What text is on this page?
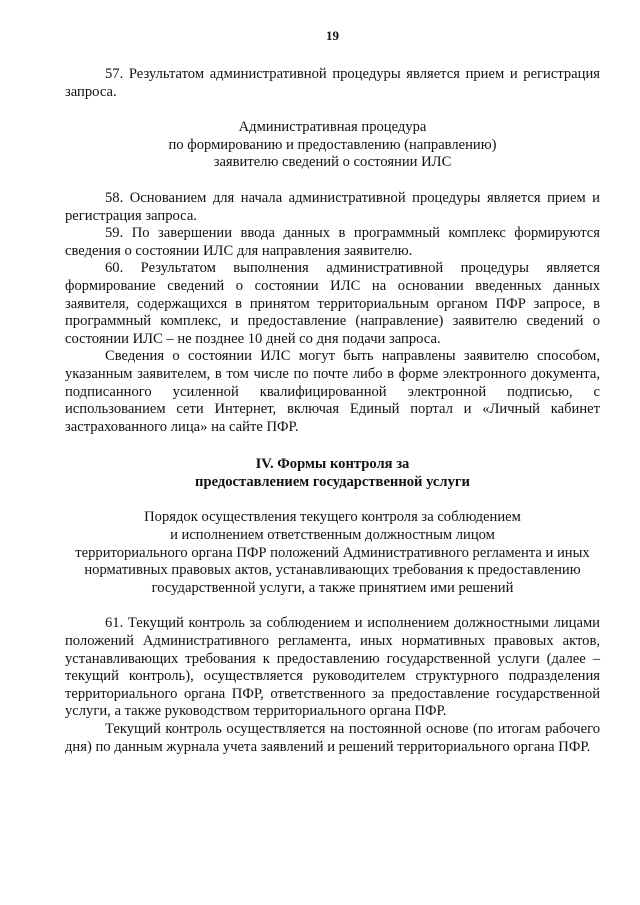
19

57. Результатом административной процедуры является прием и регистрация запроса.

Административная процедура
по формированию и предоставлению (направлению)
заявителю сведений о состоянии ИЛС

58. Основанием для начала административной процедуры является прием и регистрация запроса.

59. По завершении ввода данных в программный комплекс формируются сведения о состоянии ИЛС для направления заявителю.

60. Результатом выполнения административной процедуры является формирование сведений о состоянии ИЛС на основании введенных данных заявителя, содержащихся в принятом территориальным органом ПФР запросе, в программный комплекс, и предоставление (направление) заявителю сведений о состоянии ИЛС – не позднее 10 дней со дня подачи запроса.

Сведения о состоянии ИЛС могут быть направлены заявителю способом, указанным заявителем, в том числе по почте либо в форме электронного документа, подписанного усиленной квалифицированной электронной подписью, с использованием сети Интернет, включая Единый портал и «Личный кабинет застрахованного лица» на сайте ПФР.

IV. Формы контроля за
предоставлением государственной услуги
Порядок осуществления текущего контроля за соблюдением
и исполнением ответственным должностным лицом
территориального органа ПФР положений Административного регламента и иных
нормативных правовых актов, устанавливающих требования к предоставлению
государственной услуги, а также принятием ими решений

61. Текущий контроль за соблюдением и исполнением должностными лицами положений Административного регламента, иных нормативных правовых актов, устанавливающих требования к предоставлению государственной услуги (далее – текущий контроль), осуществляется руководителем структурного подразделения территориального органа ПФР, ответственного за предоставление государственной услуги, а также руководством территориального органа ПФР.

Текущий контроль осуществляется на постоянной основе (по итогам рабочего дня) по данным журнала учета заявлений и решений территориального органа ПФР.
